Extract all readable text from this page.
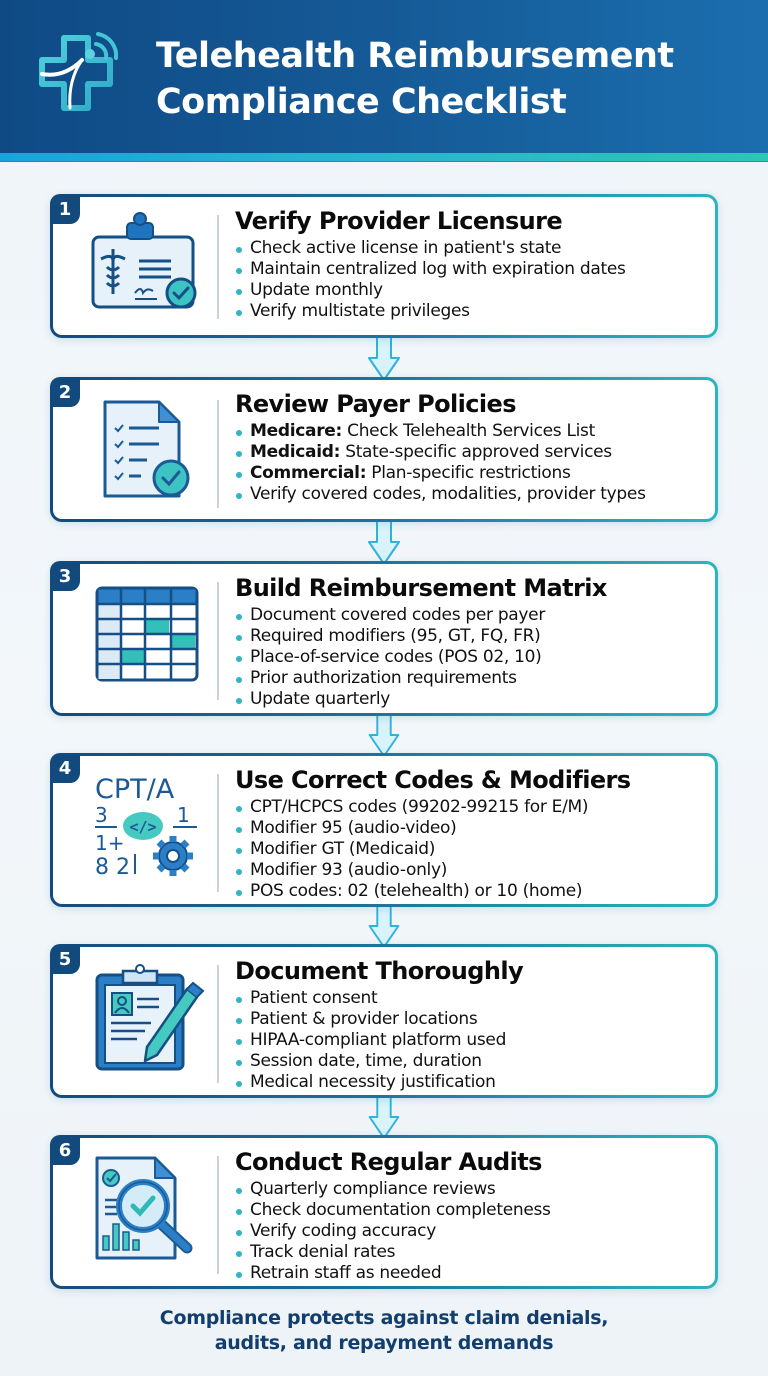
Telehealth Reimbursement
Compliance Checklist
1	Verify Provider Licensure
Check active license in patient's state
Maintain centralized log with expiration dates
Update monthly
Verify multistate privileges
2	Review Payer Policies
Medicare: Check Telehealth Services List
Medicaid: State-specific approved services
Commercial: Plan-specific restrictions
Verify covered codes, modalities, provider types
3	Build Reimbursement Matrix
Document covered codes per payer
Required modifiers (95, GT, FQ, FR)
Place-of-service codes (POS 02, 10)
Prior authorization requirements
Update quarterly
4
CPT/A
3	1
1+
8 2
</>
Use Correct Codes & Modifiers
CPT/HCPCS codes (99202-99215 for E/M)
Modifier 95 (audio-video)
Modifier GT (Medicaid)
Modifier 93 (audio-only)
POS codes: 02 (telehealth) or 10 (home)
5	Document Thoroughly
Patient consent
Patient & provider locations
HIPAA-compliant platform used
Session date, time, duration
Medical necessity justification
6	Conduct Regular Audits
Quarterly compliance reviews
Check documentation completeness
Verify coding accuracy
Track denial rates
Retrain staff as needed
Compliance protects against claim denials,
audits, and repayment demands
